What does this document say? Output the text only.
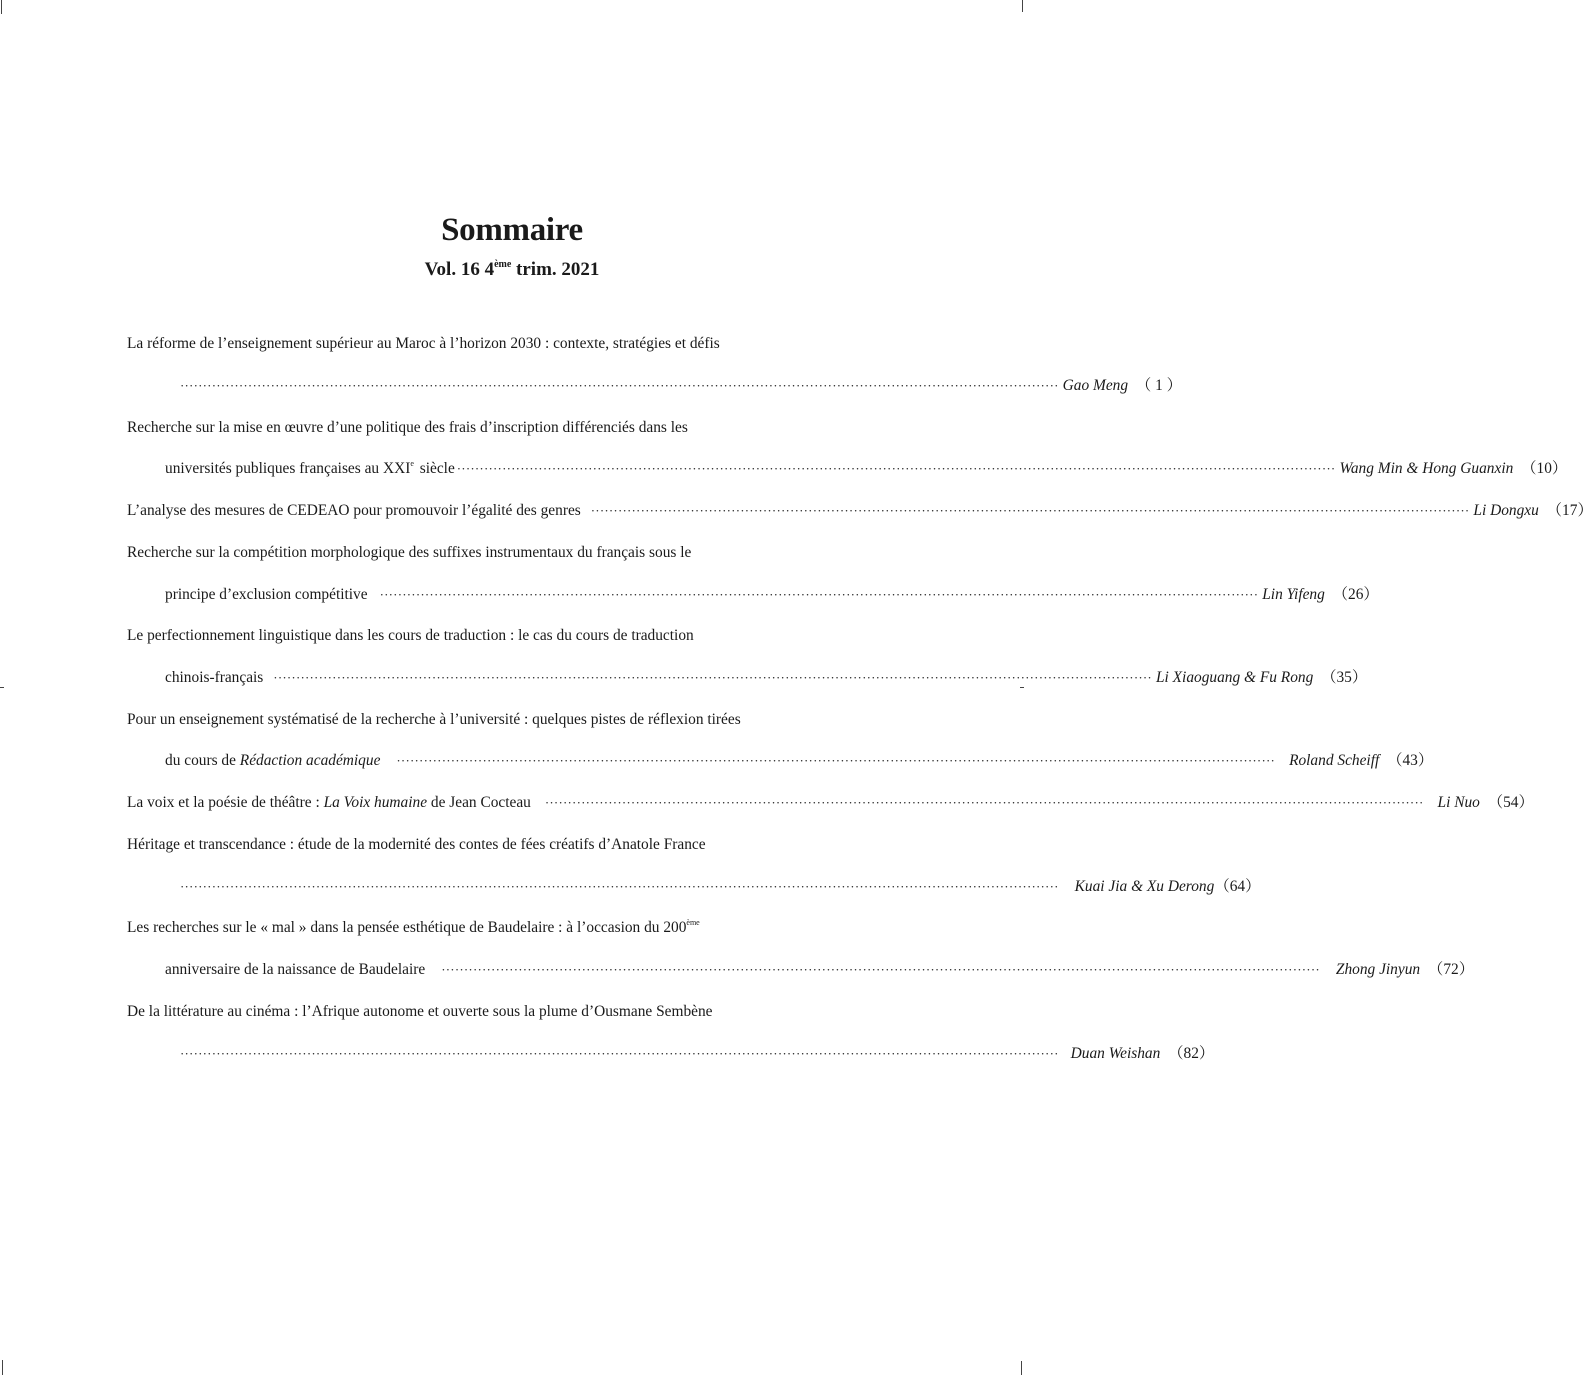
Sommaire
Vol. 16 4ème trim. 2021
La réforme de l’enseignement supérieur au Maroc à l’horizon 2030 : contexte, stratégies et défis
·································································································································································································· Gao Meng （ 1 ）
Recherche sur la mise en œuvre d’une politique des frais d’inscription différenciés dans les
universités publiques françaises au XXIe siècle ·································································································································································································· Wang Min & Hong Guanxin （10）
L’analyse des mesures de CEDEAO pour promouvoir l’égalité des genres ·································································································································································································· Li Dongxu （17）
Recherche sur la compétition morphologique des suffixes instrumentaux du français sous le
principe d’exclusion compétitive ·································································································································································································· Lin Yifeng （26）
Le perfectionnement linguistique dans les cours de traduction : le cas du cours de traduction
chinois-français ·································································································································································································· Li Xiaoguang & Fu Rong （35）
Pour un enseignement systématisé de la recherche à l’université : quelques pistes de réflexion tirées
du cours de Rédaction académique ·································································································································································································· Roland Scheiff （43）
La voix et la poésie de théâtre : La Voix humaine de Jean Cocteau ·································································································································································································· Li Nuo （54）
Héritage et transcendance : étude de la modernité des contes de fées créatifs d’Anatole France
·································································································································································································· Kuai Jia & Xu Derong （64）
Les recherches sur le « mal » dans la pensée esthétique de Baudelaire : à l’occasion du 200ème
anniversaire de la naissance de Baudelaire ·································································································································································································· Zhong Jinyun （72）
De la littérature au cinéma : l’Afrique autonome et ouverte sous la plume d’Ousmane Sembène
·································································································································································································· Duan Weishan （82）
